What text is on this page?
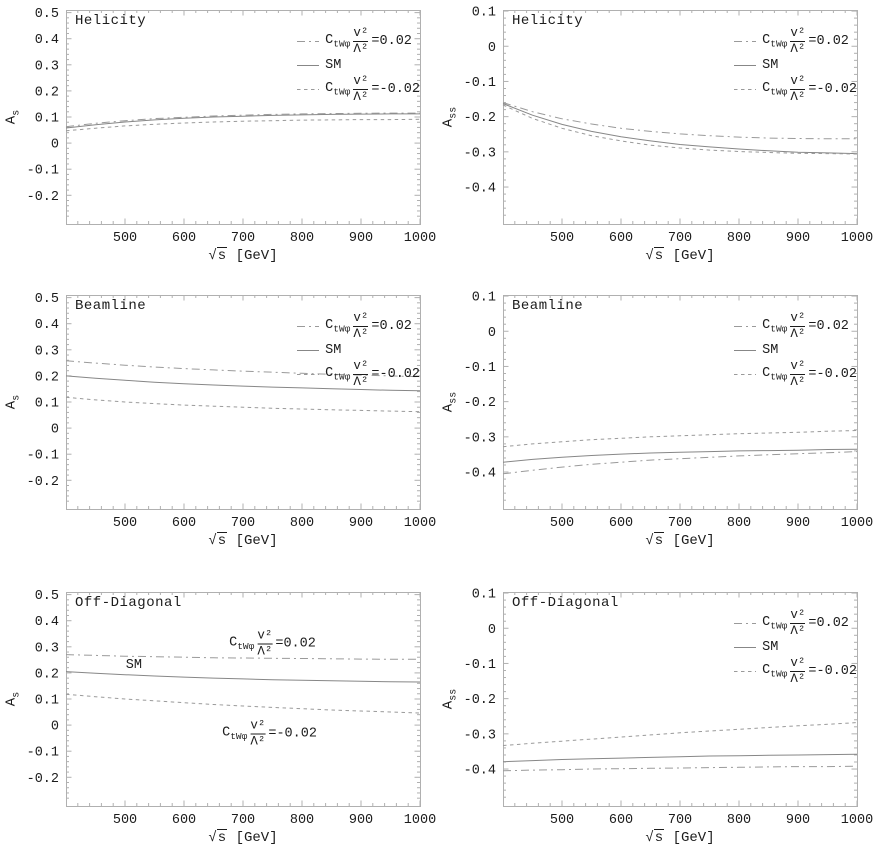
500	600	700	800	900 1000
-0.2
-0.1
0
0.1
0.2
0.3
0.4
0.5 Helicity
$A_s$
√s [GeV]
$C_{tW\varphi} \frac{\text{v²}}{\text{Λ²}} =0.02$
SM
$C_{tW\varphi} \frac{\text{v²}}{\text{Λ²}} =-0.02$
500	600	700	800	900 1000
-0.4
-0.3
-0.2
-0.1
0
0.1 Helicity
$A_{ss}$
√s [GeV]
$C_{tW\varphi} \frac{\text{v²}}{\text{Λ²}} =0.02$
SM
$C_{tW\varphi} \frac{\text{v²}}{\text{Λ²}} =-0.02$
500	600	700	800	900 1000
-0.2
-0.1
0
0.1
0.2
0.3
0.4
0.5 Beamline
$A_s$
√s [GeV]
$C_{tW\varphi} \frac{\text{v²}}{\text{Λ²}} =0.02$
SM
$C_{tW\varphi} \frac{\text{v²}}{\text{Λ²}} =-0.02$
500	600	700	800	900 1000
-0.4
-0.3
-0.2
-0.1
0
0.1 Beamline
$A_{ss}$
√s [GeV]
$C_{tW\varphi} \frac{\text{v²}}{\text{Λ²}} =0.02$
SM
$C_{tW\varphi} \frac{\text{v²}}{\text{Λ²}} =-0.02$
500	600	700	800	900 1000
-0.2
-0.1
0
0.1
0.2
0.3
0.4
0.5 Off-Diagonal
$A_s$
√s [GeV]
$C_{tW\varphi} \frac{\text{v²}}{\text{Λ²}} =0.02$
SM
$C_{tW\varphi} \frac{\text{v²}}{\text{Λ²}} =-0.02$
500	600	700	800	900 1000
-0.4
-0.3
-0.2
-0.1
0
0.1 Off-Diagonal
$A_{ss}$
√s [GeV]
$C_{tW\varphi} \frac{\text{v²}}{\text{Λ²}} =0.02$
SM
$C_{tW\varphi} \frac{\text{v²}}{\text{Λ²}} =-0.02$
